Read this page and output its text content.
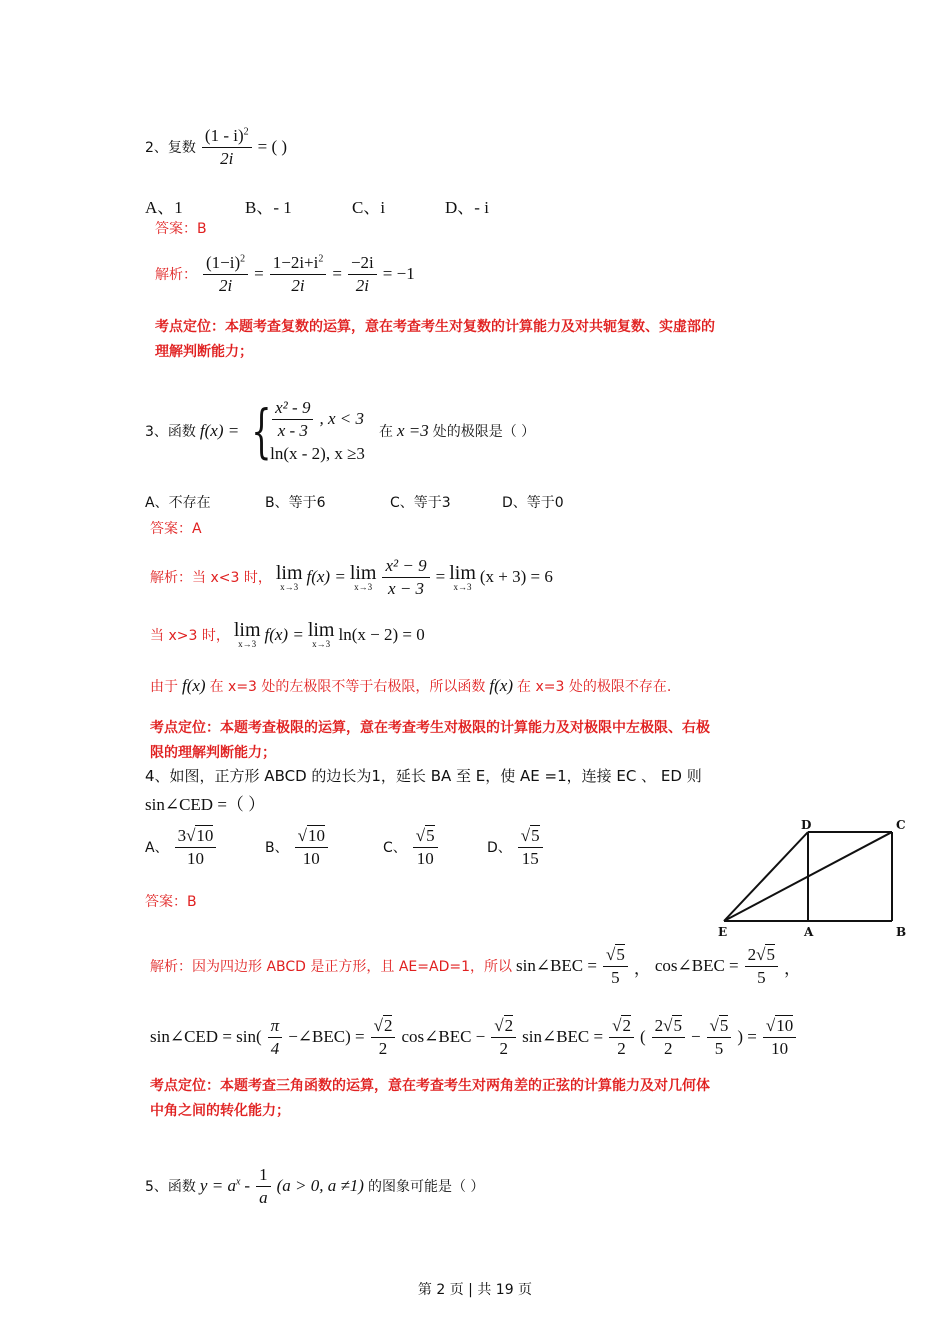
2、复数 $\frac{(1 - i)^2}{2i}$ = ( )
A、1	B、- 1	C、i	D、- i
答案：B
解析： $\frac{(1-i)^2}{2i} = \frac{1-2i+i^2}{2i} = \frac{-2i}{2i} = -1$
考点定位：本题考查复数的运算，意在考查考生对复数的计算能力及对共轭复数、实虚部的
理解判断能力；
3、函数 f(x) = { $\frac{\text{x² - 9}}{x - 3}$ , x < 3
ln(x - 2), x ≥3
在 x =3 处的极限是（ ）
A、不存在	B、等于6	C、等于3	D、等于0
答案：A
解析：当 x<3 时， lim
x→3
f(x) = lim
$x\to 3 \frac{\text{x² − 9}}{x - 3} = \lim$
x→3
(x + 3) = 6
当 x>3 时， lim
x→3
f(x) = lim
x→3
ln(x − 2) = 0
由于 f(x) 在 x=3 处的左极限不等于右极限，所以函数 f(x) 在 x=3 处的极限不存在.
考点定位：本题考查极限的运算，意在考查考生对极限的计算能力及对极限中左极限、右极
限的理解判断能力；
4、如图，正方形 ABCD 的边长为1，延长 BA 至 E，使 AE =1，连接 EC 、 ED 则
sin∠CED =（ ）
A、 $\frac{3√10}{10}$	B、 $\frac{√10}{10}$	C、 $\frac{√5}{10}$	D、 $\frac{√5}{15}$
答案：B
D	C
E	A	B
解析：因为四边形 ABCD 是正方形，且 AE=AD=1，所以 sin∠BEC = $\frac{√5}{5}$ ， cos∠BEC = $\frac{2√5}{5}$ ，
sin∠CED = $\sin( \frac{\pi}{4}$ −∠BEC) = $\frac{√2}{2}$ cos∠BEC − $\frac{√2}{2}$ sin∠BEC = $\frac{√2}{2}$ ( $\frac{2√5}{2} - \frac{√5}{5}$ ) = $\frac{√10}{10}$
考点定位：本题考查三角函数的运算，意在考查考生对两角差的正弦的计算能力及对几何体
中角之间的转化能力；
5、函数 $y = a^x - \frac{1}{a} (a > 0$, a ≠1) 的图象可能是（ ）
第 2 页 | 共 19 页
